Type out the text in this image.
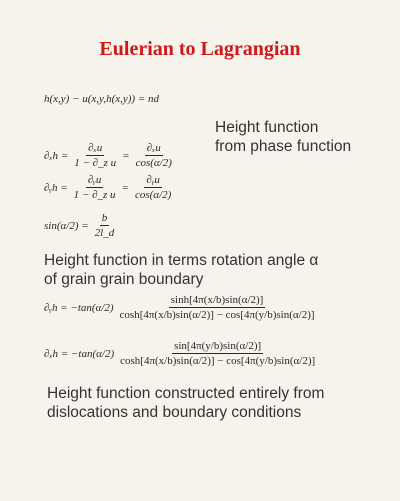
Eulerian to Lagrangian
h(x,y) − u(x,y,h(x,y)) = nd
Height function
from phase function
$\partial_xh = \frac{\text{∂ₓu}}{\text{1 − ∂\_z u}} = \frac{\text{∂ₓu}}{\cos(\alpha/2)}$
∂ᵧh = $\frac{\text{∂ᵧu}}{\text{1 − ∂\_z u}} = \frac{\text{∂ᵧu}}{\cos(\alpha/2)}$
$\sin(\alpha/2) = \frac{b}{2l\_d}$
Height function in terms rotation angle α
of grain grain boundary
∂ᵧh = $-\tan(\alpha/2) \frac{\sinh[4\pi(x/b)\sin(\alpha/2)]}{\cosh[4\pi(x/b)\sin(\alpha/2)] - \cos[4\pi(y/b)\sin(\alpha/2)]}$
$\partial_xh = -\tan(\alpha/2) \frac{\sin[4\pi(y/b)\sin(\alpha/2)]}{\cosh[4\pi(x/b)\sin(\alpha/2)] - \cos[4\pi(y/b)\sin(\alpha/2)]}$
Height function constructed entirely from
dislocations and boundary conditions
